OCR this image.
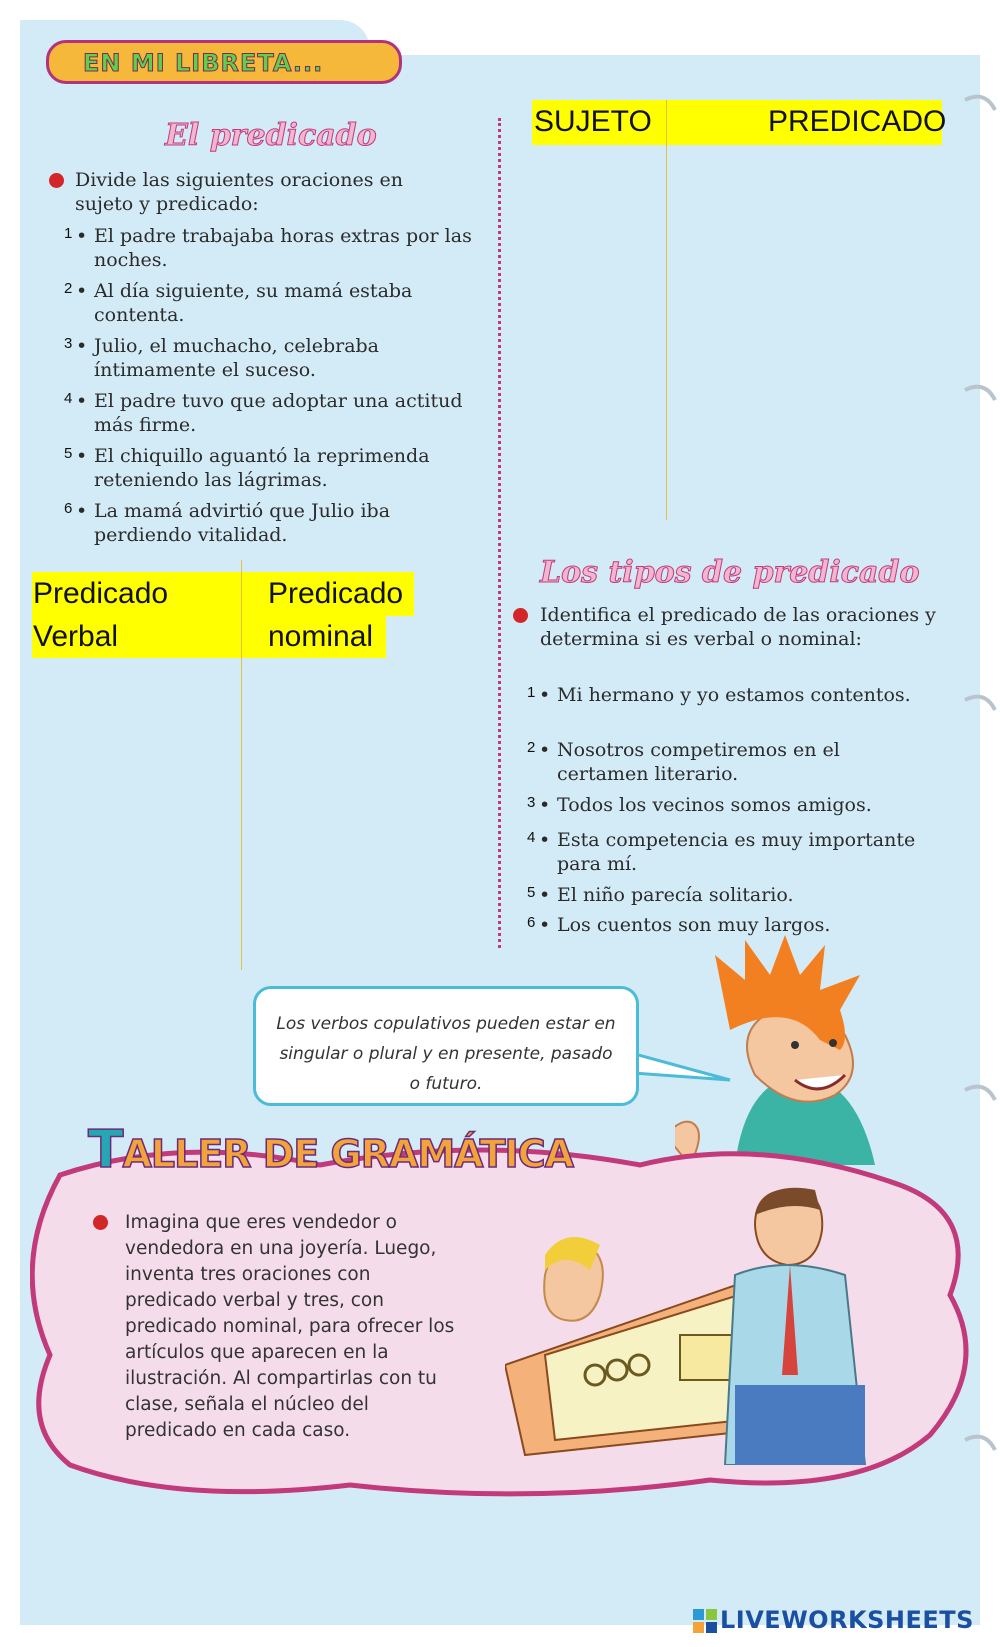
EN MI LIBRETA...
El predicado
Divide las siguientes oraciones en sujeto y predicado:
1 • El padre trabajaba horas extras por las noches.
2 • Al día siguiente, su mamá estaba contenta.
3 • Julio, el muchacho, celebraba íntimamente el suceso.
4 • El padre tuvo que adoptar una actitud más firme.
5 • El chiquillo aguantó la reprimenda reteniendo las lágrimas.
6 • La mamá advirtió que Julio iba perdiendo vitalidad.
SUJETO	PREDICADO
Predicado
Verbal
Predicado
nominal
Los tipos de predicado
Identifica el predicado de las oraciones y determina si es verbal o nominal:
1 • Mi hermano y yo estamos contentos.
2 • Nosotros competiremos en el certamen literario.
3 • Todos los vecinos somos amigos.
4 • Esta competencia es muy importante para mí.
5 • El niño parecía solitario.
6 • Los cuentos son muy largos.
Los verbos copulativos pueden estar en singular o plural y en presente, pasado o futuro.
TALLER DE GRAMÁTICA
Imagina que eres vendedor o vendedora en una joyería. Luego, inventa tres oraciones con predicado verbal y tres, con predicado nominal, para ofrecer los artículos que aparecen en la ilustración. Al compartirlas con tu clase, señala el núcleo del predicado en cada caso.
LIVEWORKSHEETS
